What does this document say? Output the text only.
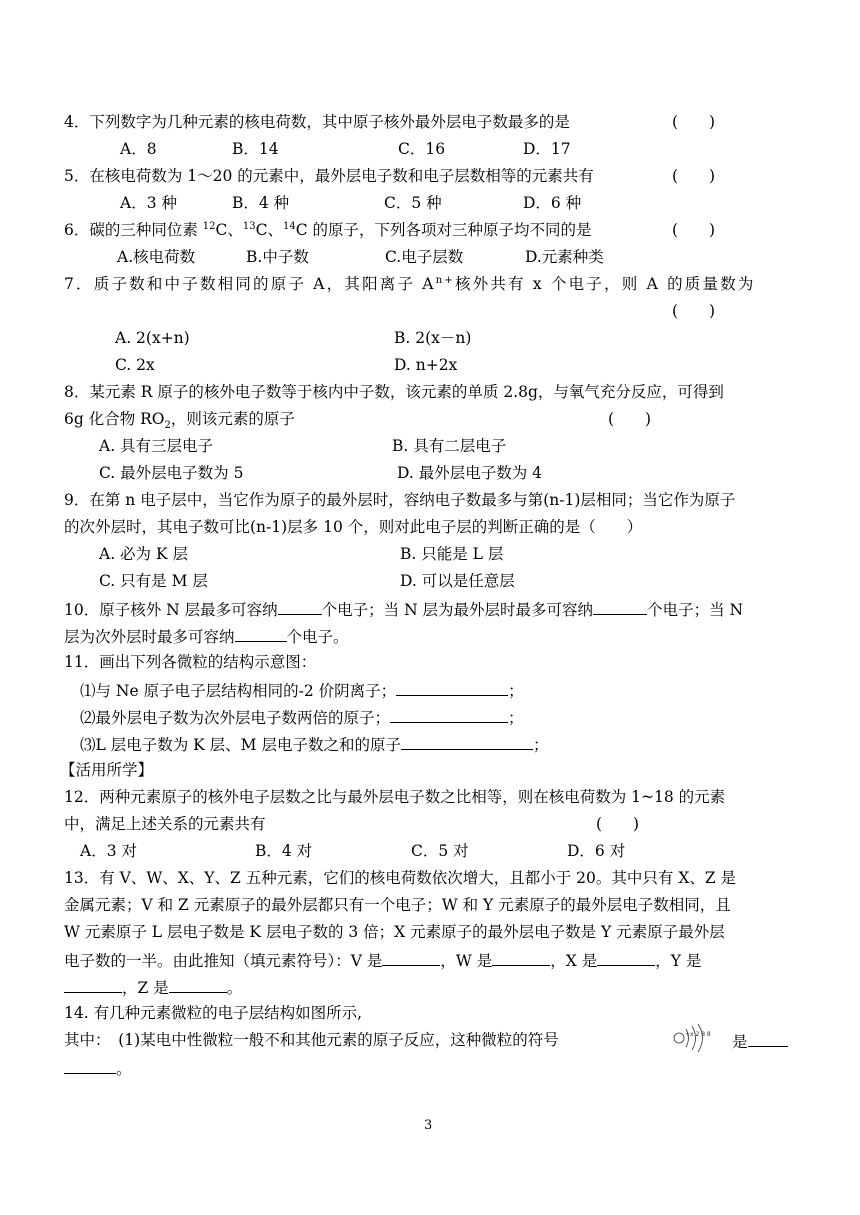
4．下列数字为几种元素的核电荷数，其中原子核外最外层电子数最多的是	(　　)
A．8	B．14	C．16	D．17
5．在核电荷数为 1～20 的元素中，最外层电子数和电子层数相等的元素共有	(　　)
A．3 种	B．4 种	C．5 种	D．6 种
6．碳的三种同位素 $^{12}$C、$^{13}$C、$^{14}$C 的原子，下列各项对三种原子均不同的是	(　　)
A.核电荷数	B.中子数	C.电子层数	D.元素种类
7．质子数和中子数相同的原子 A，其阳离子 $A^{n+}$核外共有 x 个电子，则 A 的质量数为
(　　)
A. 2(x+n)	B. 2(x－n)
C. 2x	D. n+2x
8．某元素 R 原子的核外电子数等于核内中子数，该元素的单质 2.8g，与氧气充分反应，可得到
6g 化合物 $RO_2$，则该元素的原子	(　　)
A. 具有三层电子	B. 具有二层电子
C. 最外层电子数为 5	D. 最外层电子数为 4
9．在第 n 电子层中，当它作为原子的最外层时，容纳电子数最多与第(n-1)层相同；当它作为原子
的次外层时，其电子数可比(n-1)层多 10 个，则对此电子层的判断正确的是（　　）
A. 必为 K 层	B. 只能是 L 层
C. 只有是 M 层	D. 可以是任意层
10．原子核外 N 层最多可容纳	个电子；当 N 层为最外层时最多可容纳	个电子；当 N
层为次外层时最多可容纳	个电子。
11．画出下列各微粒的结构示意图：
⑴与 Ne 原子电子层结构相同的-2 价阴离子；	；
⑵最外层电子数为次外层电子数两倍的原子；	；
⑶L 层电子数为 K 层、M 层电子数之和的原子	；
【活用所学】
12．两种元素原子的核外电子层数之比与最外层电子数之比相等，则在核电荷数为 1~18 的元素
中，满足上述关系的元素共有	(　　)
A．3 对	B．4 对	C．5 对	D．6 对
13．有 V、W、X、Y、Z 五种元素，它们的核电荷数依次增大，且都小于 20。其中只有 X、Z 是
金属元素；V 和 Z 元素原子的最外层都只有一个电子；W 和 Y 元素原子的最外层电子数相同，且
W 元素原子 L 层电子数是 K 层电子数的 3 倍；X 元素原子的最外层电子数是 Y 元素原子最外层
电子数的一半。由此推知（填元素符号）：V 是	，W 是	，X 是	，Y 是
，Z 是	。
14. 有几种元素微粒的电子层结构如图所示,
其中：　(1)某电中性微粒一般不和其他元素的原子反应，这种微粒的符号	+x 2 8 8 是
。
3
